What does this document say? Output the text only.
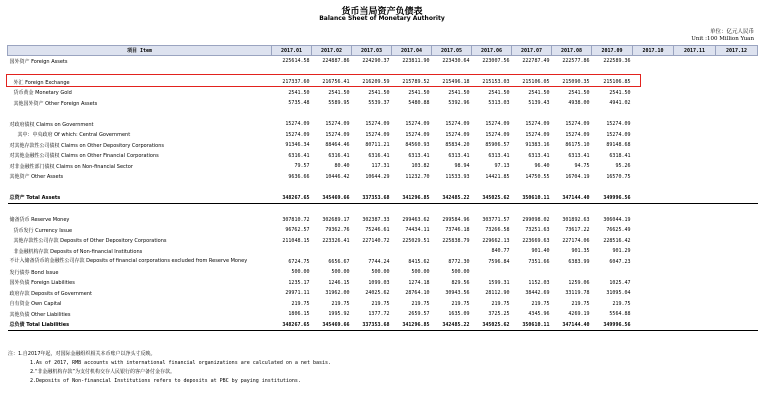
货币当局资产负债表
Balance Sheet of Monetary Authority
单位：亿元人民币
Unit :100 Million Yuan
项目 Item	2017.01	2017.02	2017.03	2017.04	2017.05	2017.06	2017.07	2017.08	2017.09	2017.10	2017.11	2017.12
国外资产 Foreign Assets	225614.58	224887.86	224290.37	223811.90	223430.64	223007.56	222787.49	222577.86	222589.36			

外汇 Foreign Exchange	217337.60	216756.41	216209.59	215789.52	215496.18	215153.03	215106.05	215090.35	215106.85			
货币黄金 Monetary Gold	2541.50	2541.50	2541.50	2541.50	2541.50	2541.50	2541.50	2541.50	2541.50			
其他国外资产 Other Foreign Assets	5735.48	5589.95	5539.37	5480.88	5392.96	5313.03	5139.43	4938.00	4941.02			

对政府债权 Claims on Government	15274.09	15274.09	15274.09	15274.09	15274.09	15274.09	15274.09	15274.09	15274.09			
其中：中央政府 Of which: Central Government	15274.09	15274.09	15274.09	15274.09	15274.09	15274.09	15274.09	15274.09	15274.09			
对其他存款性公司债权 Claims on Other Depository Corporations	91346.34	88464.46	80711.21	84560.93	85834.20	85906.57	91383.16	86175.10	89148.68			
对其他金融性公司债权 Claims on Other Financial Corporations	6316.41	6316.41	6316.41	6313.41	6313.41	6313.41	6313.41	6313.41	6318.41			
对非金融性部门债权 Claims on Non-financial Sector	79.57	80.40	117.31	103.82	98.94	97.13	96.40	94.75	95.26			
其他资产 Other Assets	9636.66	10446.42	10644.29	11232.70	11533.93	14421.85	14750.55	16704.19	16570.75			

总资产 Total Assets	348267.65	345469.66	337353.68	341296.85	342485.22	345025.62	350610.11	347144.40	349996.56			

储备货币 Reserve Money	307810.72	302689.17	302387.33	299463.62	299584.96	303771.57	299098.02	301892.63	306044.19			
货币发行 Currency Issue	96762.57	79362.76	75246.61	74434.11	73746.18	73266.58	73251.63	73617.22	76625.49			
其他存款性公司存款 Deposits of Other Depository Corporations	211048.15	223326.41	227140.72	225029.51	225838.79	229662.13	223669.63	227174.06	228516.42			
非金融机构存款 Deposits of Non-financial Institutions						840.77	901.40	901.35	901.29			
不计入储备货币的金融性公司存款 Deposits of financial corporations excluded from Reserve Money	6724.75	6656.67	7744.24	8415.62	8772.30	7596.84	7351.66	6383.99	6047.23			
发行债券 Bond Issue	500.00	500.00	500.00	500.00	500.00							
国外负债 Foreign Liabilities	1235.17	1246.15	1099.03	1274.18	829.56	1599.31	1152.03	1259.06	1025.47			
政府存款 Deposits of Government	29971.11	31962.00	24025.62	28764.10	30943.56	28112.90	38442.69	33119.78	31095.04			
自有资金 Own Capital	219.75	219.75	219.75	219.75	219.75	219.75	219.75	219.75	219.75			
其他负债 Other Liabilities	1806.15	1995.92	1377.72	2659.57	1635.09	3725.25	4345.96	4269.19	5564.88			
总负债 Total Liabilities	348267.65	345469.66	337353.68	341296.85	342485.22	345025.62	350610.11	347144.40	349996.56			
注：1.自2017年起，对国际金融组织相关本币账户以净头寸反映。
1.As of 2017, RMB accounts with international financial organizations are calculated on a net basis.
2.“非金融机构存款”为支付机构交存人民银行的客户备付金存款。
2.Deposits of Non-financial Institutions refers to deposits at PBC by paying institutions.
